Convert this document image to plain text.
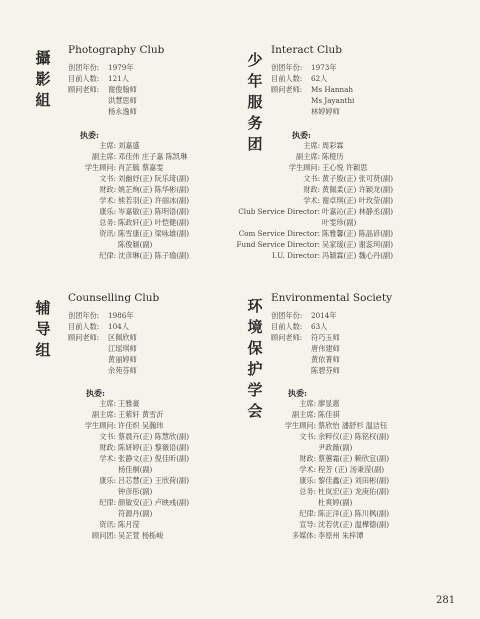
攝
影
組
Photography Club
创团年份: 1979年
目前人数: 121人
顾问老师: 谢俊翰师
洪慧思师
杨永逸师
执委:
主席: 刘嘉盛
副主席: 邓佳伟 庄子嘉 陈凯琳
学生顾问: 肖芷毓 蔡嘉雯
文书: 刘幽妤(正) 阮乐琦(副)
财政: 姚芷绚(正) 陈华彬(副)
学术: 熊若羽(正) 许丽冰(副)
康乐: 岑嘉敏(正) 陈明语(副)
总务: 陈政轩(正) 叶恺健(副)
资讯: 陈雪康(正) 梁咏雄(副)
陈俊颖(副)
纪律: 沈彦琳(正) 陈子瑜(副)
少
年
服
务
团
Interact Club
创团年份: 1973年
目前人数: 62人
顾问老师: Ms Hannah
Ms Jayanthi
林婷婷师
执委:
主席: 周彩霖
副主席: 陈橙历
学生顾问: 王心悦 许颖思
文书: 黄子殷(正) 张可贤(副)
财政: 黄佩柔(正) 许颖龙(副)
学术: 谢卓琪(正) 叶玫莹(副)
Club Service Director: 叶嘉沁(正) 林静丞(副)
叶雯珍(副)
Com Service Director: 陈雅馨(正) 陈晶谚(副)
Fund Service Director: 吴家瑗(正) 谢蕊珂(副)
I.U. Director: 冯颖霖(正) 魏心丹(副)
辅
导
组
Counselling Club
创团年份: 1986年
目前人数: 104人
顾问老师: 区佩欣师
江瑶琪师
黄丽婷师
余苑芬师
执委:
主席: 王雅豪
副主席: 王紫轩 黄雪沂
学生顾问: 许佳炽 吴瀚玮
文书: 蔡晨卉(正) 陈慧欣(副)
财政: 陈妍婷(正) 黎薇语(副)
学术: 张静文(正) 倪佳昕(副)
杨佳桐(副)
康乐: 吕芯慧(正) 王欣荷(副)
钟彦彤(副)
纪律: 颜敏安(正) 卢映彧(副)
符源丹(副)
资讯: 陈月滢
顾问团: 吴芷萱 杨栎峻
环
境
保
护
学
会
Environmental Society
创团年份: 2014年
目前人数: 63人
顾问老师: 符巧玉师
唐伟建师
黄依菁师
陈碧芬师
执委:
主席: 廖显惠
副主席: 陈佳祺
学生顾问: 蔡欣怡 潘舒杉 温洁钰
文书: 余粹仪(正) 陈铭权(副)
尹政薇(副)
财政: 蔡蕙霜(正) 赖欣宜(副)
学术: 程芳 (正) 汤秉滢(副)
康乐: 黎佳鑫(正) 刘田彬(副)
总务: 杜岚宏(正) 龙庚佑(副)
杜爽婷(副)
纪律: 陈正洋(正) 陈川枫(副)
宣导: 沈若优(正) 温樺德(副)
多媒体: 李原州 朱梓谭
281
